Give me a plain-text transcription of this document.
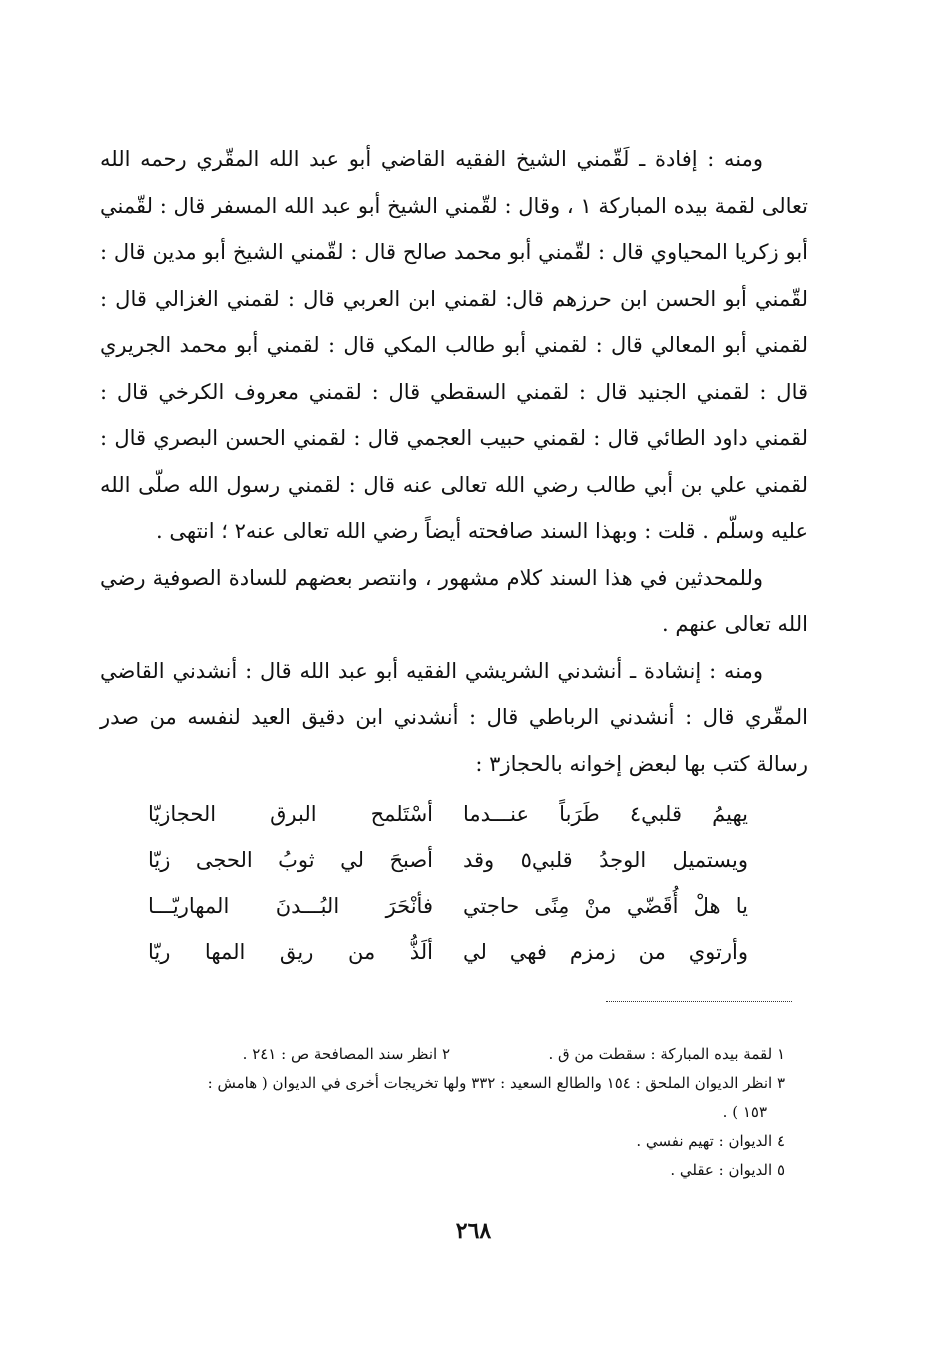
ومنه : إفادة ـ لَقّمني الشيخ الفقيه القاضي أبو عبد الله المقّري رحمه الله تعالى لقمة بيده المباركة ١ ، وقال : لقّمني الشيخ أبو عبد الله المسفر قال : لقّمني أبو زكريا المحياوي قال : لقّمني أبو محمد صالح قال : لقّمني الشيخ أبو مدين قال : لقّمني أبو الحسن ابن حرزهم قال: لقمني ابن العربي قال : لقمني الغزالي قال : لقمني أبو المعالي قال : لقمني أبو طالب المكي قال : لقمني أبو محمد الجريري قال : لقمني الجنيد قال : لقمني السقطي قال : لقمني معروف الكرخي قال : لقمني داود الطائي قال : لقمني حبيب العجمي قال : لقمني الحسن البصري قال : لقمني علي بن أبي طالب رضي الله تعالى عنه قال : لقمني رسول الله صلّى الله عليه وسلّم . قلت : وبهذا السند صافحته أيضاً رضي الله تعالى عنه٢ ؛ انتهى .

وللمحدثين في هذا السند كلام مشهور ، وانتصر بعضهم للسادة الصوفية رضي الله تعالى عنهم .

ومنه : إنشادة ـ أنشدني الشريشي الفقيه أبو عبد الله قال : أنشدني القاضي المقّري قال : أنشدني الرباطي قال : أنشدني ابن دقيق العيد لنفسه من صدر رسالة كتب بها لبعض إخوانه بالحجاز٣ :

يهيمُ قلبي٤ طَرَباً عنـــدما
أسْتَلمح البرق الحجازيّا
ويستميل الوجدُ قلبي٥ وقد
أصبحَ لي ثوبُ الحجى زيّا
يا هلْ أُقَضّي منْ مِنًى حاجتي
فأنْحَرَ البُـــدنَ المهاريّـــا
وأرتوي من زمزم فهي لي
ألَذُّ من ريق المها ريّا
١ لقمة بيده المباركة : سقطت من ق .
٢ انظر سند المصافحة ص : ٢٤١ .
٣ انظر الديوان الملحق : ١٥٤ والطالع السعيد : ٣٣٢ ولها تخريجات أخرى في الديوان ( هامش :
١٥٣ ) .
٤ الديوان : تهيم نفسي .
٥ الديوان : عقلي .
٢٦٨
